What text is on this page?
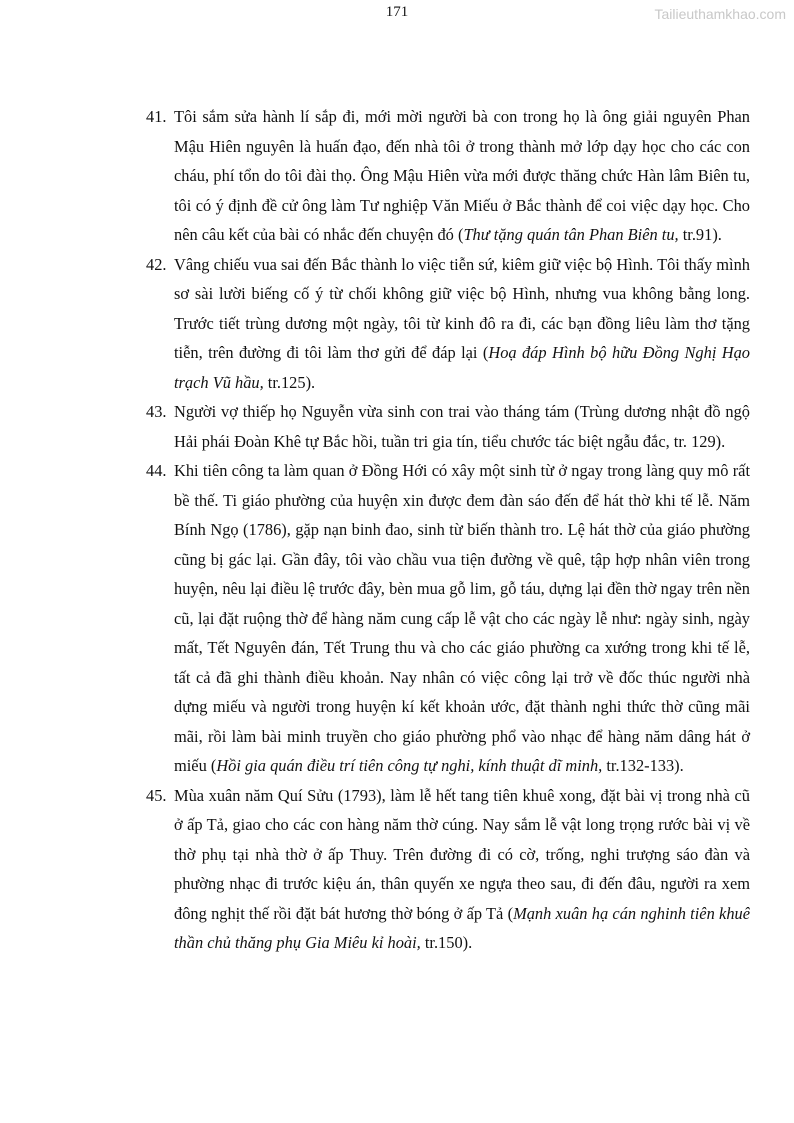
171	Tailieuthamkhao.com
41. Tôi sắm sửa hành lí sắp đi, mới mời người bà con trong họ là ông giải nguyên Phan Mậu Hiên nguyên là huấn đạo, đến nhà tôi ở trong thành mở lớp dạy học cho các con cháu, phí tổn do tôi đài thọ. Ông Mậu Hiên vừa mới được thăng chức Hàn lâm Biên tu, tôi có ý định đề cử ông làm Tư nghiệp Văn Miếu ở Bắc thành để coi việc dạy học. Cho nên câu kết của bài có nhắc đến chuyện đó (Thư tặng quán tân Phan Biên tu, tr.91).
42. Vâng chiếu vua sai đến Bắc thành lo việc tiễn sứ, kiêm giữ việc bộ Hình. Tôi thấy mình sơ sài lười biếng cố ý từ chối không giữ việc bộ Hình, nhưng vua không bằng long. Trước tiết trùng dương một ngày, tôi từ kinh đô ra đi, các bạn đồng liêu làm thơ tặng tiễn, trên đường đi tôi làm thơ gửi để đáp lại (Hoạ đáp Hình bộ hữu Đồng Nghị Hạo trạch Vũ hầu, tr.125).
43. Người vợ thiếp họ Nguyễn vừa sinh con trai vào tháng tám (Trùng dương nhật đồ ngộ Hải phái Đoàn Khê tự Bắc hồi, tuần tri gia tín, tiểu chước tác biệt ngẫu đắc, tr. 129).
44. Khi tiên công ta làm quan ở Đồng Hới có xây một sinh từ ở ngay trong làng quy mô rất bề thế. Ti giáo phường của huyện xin được đem đàn sáo đến để hát thờ khi tế lễ. Năm Bính Ngọ (1786), gặp nạn binh đao, sinh từ biến thành tro. Lệ hát thờ của giáo phường cũng bị gác lại. Gần đây, tôi vào chầu vua tiện đường về quê, tập hợp nhân viên trong huyện, nêu lại điều lệ trước đây, bèn mua gỗ lim, gỗ táu, dựng lại đền thờ ngay trên nền cũ, lại đặt ruộng thờ để hàng năm cung cấp lễ vật cho các ngày lễ như: ngày sinh, ngày mất, Tết Nguyên đán, Tết Trung thu và cho các giáo phường ca xướng trong khi tế lễ, tất cả đã ghi thành điều khoản. Nay nhân có việc công lại trở về đốc thúc người nhà dựng miếu và người trong huyện kí kết khoản ước, đặt thành nghi thức thờ cũng mãi mãi, rồi làm bài minh truyền cho giáo phường phổ vào nhạc để hàng năm dâng hát ở miếu (Hồi gia quán điều trí tiên công tự nghi, kính thuật dĩ minh, tr.132-133).
45. Mùa xuân năm Quí Sửu (1793), làm lễ hết tang tiên khuê xong, đặt bài vị trong nhà cũ ở ấp Tả, giao cho các con hàng năm thờ cúng. Nay sắm lễ vật long trọng rước bài vị về thờ phụ tại nhà thờ ở ấp Thuy. Trên đường đi có cờ, trống, nghi trượng sáo đàn và phường nhạc đi trước kiệu án, thân quyến xe ngựa theo sau, đi đến đâu, người ra xem đông nghịt thế rồi đặt bát hương thờ bóng ở ấp Tả (Mạnh xuân hạ cán nghinh tiên khuê thần chủ thăng phụ Gia Miêu kỉ hoài, tr.150).
